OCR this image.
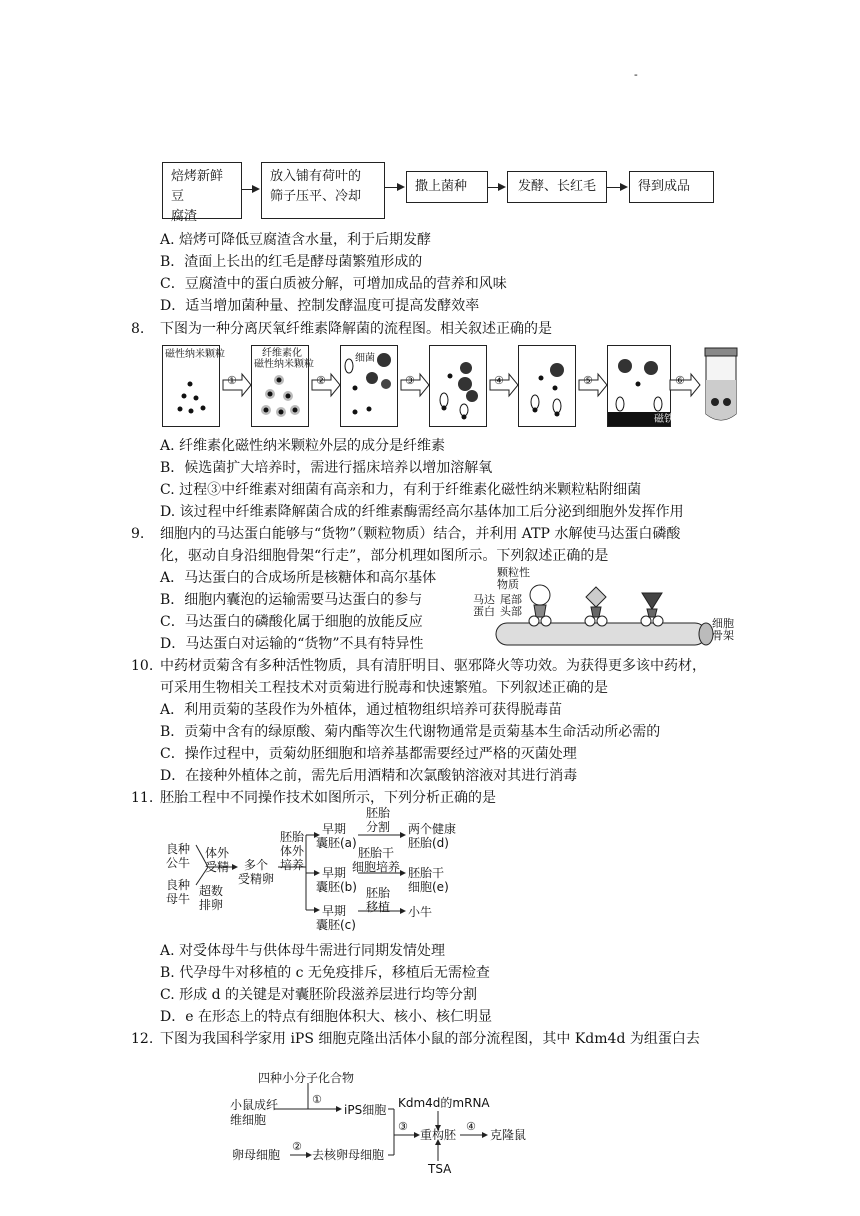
-
焙烤新鲜豆
腐渣
放入铺有荷叶的
筛子压平、冷却
撒上菌种	发酵、长红毛	得到成品
A. 焙烤可降低豆腐渣含水量，利于后期发酵
B．渣面上长出的红毛是酵母菌繁殖形成的
C．豆腐渣中的蛋白质被分解，可增加成品的营养和风味
D．适当增加菌种量、控制发酵温度可提高发酵效率
8. 下图为一种分离厌氧纤维素降解菌的流程图。相关叙述正确的是
磁性纳米颗粒
①
纤维素化
磁性纳米颗粒
②
细菌
③	④	⑤
磁铁
⑥
A. 纤维素化磁性纳米颗粒外层的成分是纤维素
B．候选菌扩大培养时，需进行摇床培养以增加溶解氧
C. 过程③中纤维素对细菌有高亲和力，有利于纤维素化磁性纳米颗粒粘附细菌
D. 该过程中纤维素降解菌合成的纤维素酶需经高尔基体加工后分泌到细胞外发挥作用
9. 细胞内的马达蛋白能够与“货物”（颗粒物质）结合，并利用 ATP 水解使马达蛋白磷酸
化，驱动自身沿细胞骨架“行走”，部分机理如图所示。下列叙述正确的是
A．马达蛋白的合成场所是核糖体和高尔基体
B．细胞内囊泡的运输需要马达蛋白的参与
C．马达蛋白的磷酸化属于细胞的放能反应
D．马达蛋白对运输的“货物”不具有特异性
颗粒性
物质
马达
蛋白
尾部
头部
细胞
骨架
10. 中药材贡菊含有多种活性物质，具有清肝明目、驱邪降火等功效。为获得更多该中药材，
可采用生物相关工程技术对贡菊进行脱毒和快速繁殖。下列叙述正确的是
A．利用贡菊的茎段作为外植体，通过植物组织培养可获得脱毒苗
B．贡菊中含有的绿原酸、菊内酯等次生代谢物通常是贡菊基本生命活动所必需的
C．操作过程中，贡菊幼胚细胞和培养基都需要经过严格的灭菌处理
D．在接种外植体之前，需先后用酒精和次氯酸钠溶液对其进行消毒
11. 胚胎工程中不同操作技术如图所示，下列分析正确的是
良种
公牛
良种
母牛
体外
受精
超数
排卵
多个
受精卵
胚胎
体外
培养
早期
囊胚(a)
早期
囊胚(b)
早期
囊胚(c)
胚胎
分割
胚胎干
细胞培养
胚胎
移植
两个健康
胚胎(d)
胚胎干
细胞(e)
小牛
A. 对受体母牛与供体母牛需进行同期发情处理
B. 代孕母牛对移植的 c 无免疫排斥，移植后无需检查
C. 形成 d 的关键是对囊胚阶段滋养层进行均等分割
D．e 在形态上的特点有细胞体积大、核小、核仁明显
12. 下图为我国科学家用 iPS 细胞克隆出活体小鼠的部分流程图，其中 Kdm4d 为组蛋白去
四种小分子化合物
小鼠成纤
维细胞
①
iPS细胞 Kdm4d的mRNA
③
重构胚
④
克隆鼠
卵母细胞
②
去核卵母细胞
TSA
